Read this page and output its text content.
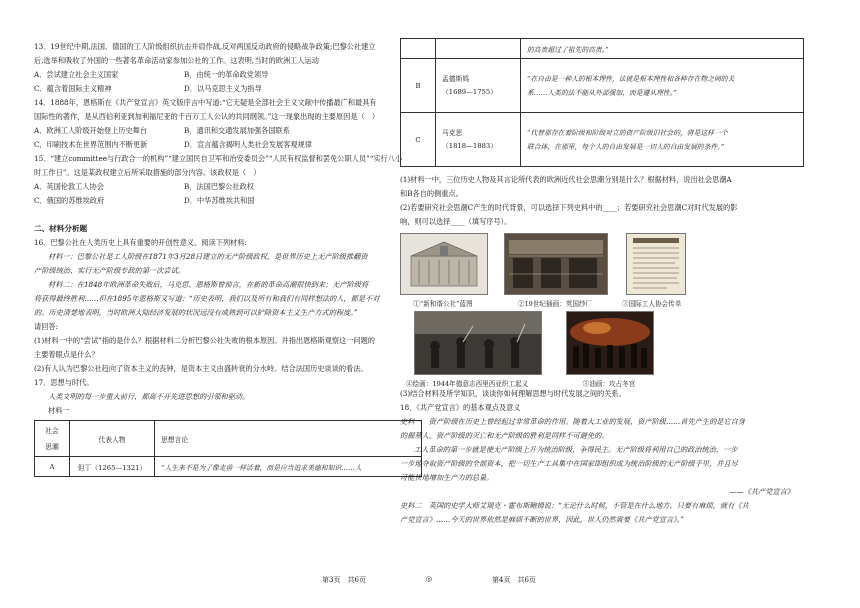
13．19世纪中期,法国、德国的工人阶级组织抗击并肩作战,反对两国反动政府的侵略战争政策;巴黎公社建立

后,选举和吸收了外国的一些著名革命活动家参加公社的工作。这表明,当时的欧洲工人运动

A．尝试建立社会主义国家	B．由统一的革命政党领导
C．蕴含着国际主义精神	D．以马克思主义为指导

14．1888年，恩格斯在《共产党宣言》英文版序言中写道:“它无疑是全部社会主义文献中传播最广和最具有

国际性的著作，是从西伯利亚到加利福尼亚的千百万工人公认的共同纲领。”这一现象出现的主要原因是（　）

A．欧洲工人阶级开始登上历史舞台	B．通讯和交通发展加强各国联系
C．印刷技术在世界范围内不断更新	D．宣言蕴含揭明人类社会发展客观规律

15．“建立committee与行政合一的机构”“建立国民自卫军和治安委员会”“人民有权监督和罢免公职人员”“实行八小

时工作日”。这是某政权建立后所采取措施的部分内容。该政权是（　）

A．英国伦敦工人协会	B．法国巴黎公社政权
C．俄国的苏维埃政府	D．中华苏维埃共和国

二、材料分析题

16．巴黎公社在人类历史上具有重要的开创性意义。阅读下列材料:

材料一：巴黎公社是工人阶级在1871年3月28日建立的无产阶级政权，是世界历史上无产阶级推翻资

产阶级统治、实行无产阶级专政的第一次尝试。

材料二：在1848年欧洲革命失败后，马克思、恩格斯曾预言，在新的革命高潮很快到来；无产阶级将

将获得最终胜利……但在1895年恩格斯又写道：“历史表明，我们以及所有和我们有同样想法的人，都是不对

的。历史清楚地表明，当时欧洲大陆经济发展的状况远没有成熟到可以铲除资本主义生产方式的程度。”

请回答:

(1)材料一中的“尝试”指的是什么？根据材料二分析巴黎公社失败的根本原因。并指出恩格斯观察这一问题的

主要着眼点是什么？

(2)有人认为巴黎公社趋向了资本主义的丧钟，是资本主义由盛转衰的分水岭。结合法国历史谈谈的看法。

17．思想与时代。

人类文明的每一步重大前行，都离不开先进思想的引领和驱动。

材料一

社会
思潮	代表人物	思想言论
A	但丁（1265—1321）	“人生来不是为了像走兽一样活着，而是应当追求美德和知识……人
		的高贵超过了祖先的高贵。”
B	孟德斯鸠
（1689—1755）	“在自由是一种人的根本理性，法就是根本理性和各种存在物之间的关
系……人类的法不能从外部强加，而是遵从理性。”
C	马克思
（1818—1883）	“代替那存在着阶级和阶级对立的资产阶级旧社会的，将是这样一个
联合体，在那里，每个人的自由发展是一切人的自由发展的条件。”

(1)材料一中，三位历史人物及其言论所代表的欧洲近代社会思潮分别是什么？根据材料，说出社会思潮A

和B各自的侧重点。

(2)若要研究社会思潮C产生的时代背景，可以选择下列史料中的____；若要研究社会思潮C对时代发展的影

响，则可以选择____（填写序号）。

①“新和谐公社”蓝图	②19世纪插画：英国纱厂	③国际工人协会传单
④绘画：1944年德意志西里西亚织工起义	⑤油画：攻占冬宫

(3)结合材料及所学知识，谈谈你如何理解思想与时代发展之间的关系。

18．《共产党宣言》的基本观点及意义

史料一　资产阶级在历史上曾经起过非常革命的作用。随着大工业的发展，资产阶级……首先产生的是它自身

的掘墓人。资产阶级的灭亡和无产阶级的胜利是同样不可避免的。

工人革命的第一步就是使无产阶级上升为统治阶级，争得民主。无产阶级将利用自己的政治统治，一步

一步地夺取资产阶级的全部资本，把一切生产工具集中在国家即组织成为统治阶级的无产阶级手里，并且尽

可能快地增加生产力的总量。

——《共产党宣言》

史料二　英国的史学大师艾瑞克・霍布斯鲍姆说：“无论什么时候，不管是在什么地方，只要有麻烦，就有《共

产党宣言》……今天的世界依然是麻烦不断的世界，因此，世人仍然需要《共产党宣言》。”

第3页　共6页	◎	第4页　共6页
